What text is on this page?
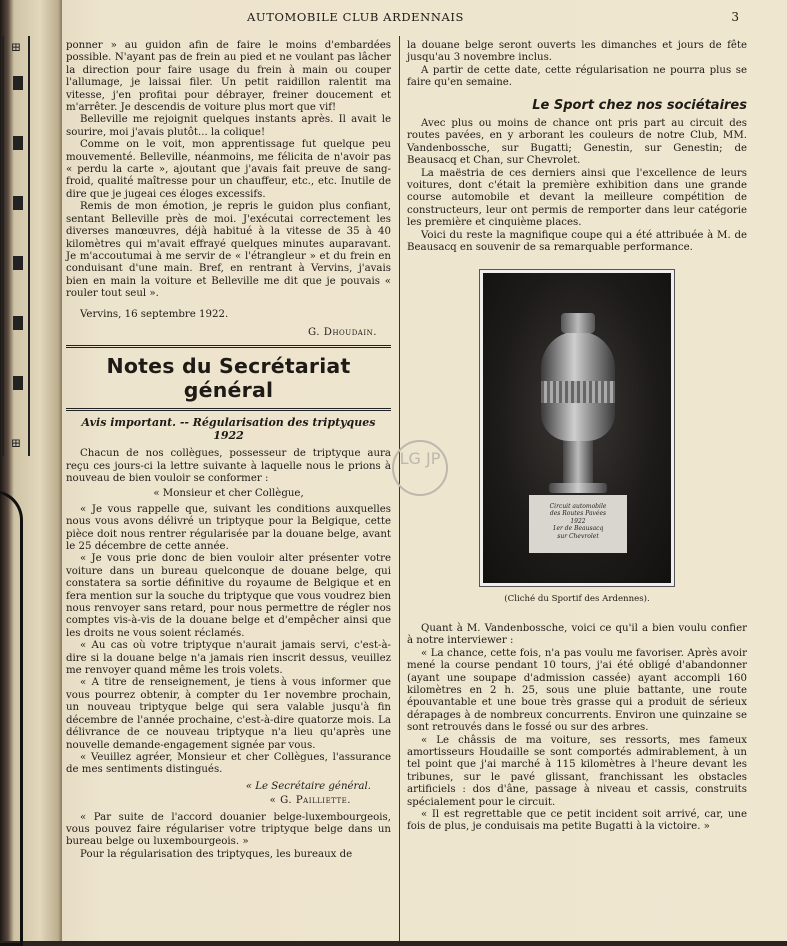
⊞
⊞
AUTOMOBILE CLUB ARDENNAIS	3

ponner » au guidon afin de faire le moins d'embardées possible. N'ayant pas de frein au pied et ne voulant pas lâcher la direction pour faire usage du frein à main ou couper l'allumage, je laissai filer. Un petit raidillon ralentit ma vitesse, j'en profitai pour débrayer, freiner doucement et m'arrêter. Je descendis de voiture plus mort que vif!

Belleville me rejoignit quelques instants après. Il avait le sourire, moi j'avais plutôt... la colique!

Comme on le voit, mon apprentissage fut quelque peu mouvementé. Belleville, néanmoins, me félicita de n'avoir pas « perdu la carte », ajoutant que j'avais fait preuve de sang-froid, qualité maîtresse pour un chauffeur, etc., etc. Inutile de dire que je jugeai ces éloges excessifs.

Remis de mon émotion, je repris le guidon plus confiant, sentant Belleville près de moi. J'exécutai correctement les diverses manœuvres, déjà habitué à la vitesse de 35 à 40 kilomètres qui m'avait effrayé quelques minutes auparavant. Je m'accoutumai à me servir de « l'étrangleur » et du frein en conduisant d'une main. Bref, en rentrant à Vervins, j'avais bien en main la voiture et Belleville me dit que je pouvais « rouler tout seul ».

Vervins, 16 septembre 1922.

G. Dhoudain.

Notes du Secrétariat général
Avis important. -- Régularisation des triptyques 1922

Chacun de nos collègues, possesseur de triptyque aura reçu ces jours-ci la lettre suivante à laquelle nous le prions à nouveau de bien vouloir se conformer :

« Monsieur et cher Collègue,

« Je vous rappelle que, suivant les conditions auxquelles nous vous avons délivré un triptyque pour la Belgique, cette pièce doit nous rentrer régularisée par la douane belge, avant le 25 décembre de cette année.

« Je vous prie donc de bien vouloir alter présenter votre voiture dans un bureau quelconque de douane belge, qui constatera sa sortie définitive du royaume de Belgique et en fera mention sur la souche du triptyque que vous voudrez bien nous renvoyer sans retard, pour nous permettre de régler nos comptes vis-à-vis de la douane belge et d'empêcher ainsi que les droits ne vous soient réclamés.

« Au cas où votre triptyque n'aurait jamais servi, c'est-à-dire si la douane belge n'a jamais rien inscrit dessus, veuillez me renvoyer quand même les trois volets.

« A titre de renseignement, je tiens à vous informer que vous pourrez obtenir, à compter du 1er novembre prochain, un nouveau triptyque belge qui sera valable jusqu'à fin décembre de l'année prochaine, c'est-à-dire quatorze mois. La délivrance de ce nouveau triptyque n'a lieu qu'après une nouvelle demande-engagement signée par vous.

« Veuillez agréer, Monsieur et cher Collègues, l'assurance de mes sentiments distingués.

« Le Secrétaire général.

« G. Pailliette.

« Par suite de l'accord douanier belge-luxembourgeois, vous pouvez faire régulariser votre triptyque belge dans un bureau belge ou luxembourgeois. »

Pour la régularisation des triptyques, les bureaux de

la douane belge seront ouverts les dimanches et jours de fête jusqu'au 3 novembre inclus.

A partir de cette date, cette régularisation ne pourra plus se faire qu'en semaine.

Le Sport chez nos sociétaires

Avec plus ou moins de chance ont pris part au circuit des routes pavées, en y arborant les couleurs de notre Club, MM. Vandenbossche, sur Bugatti; Genestin, sur Genestin; de Beausacq et Chan, sur Chevrolet.

La maëstria de ces derniers ainsi que l'excellence de leurs voitures, dont c'était la première exhibition dans une grande course automobile et devant la meilleure compétition de constructeurs, leur ont permis de remporter dans leur catégorie les première et cinquième places.

Voici du reste la magnifique coupe qui a été attribuée à M. de Beausacq en souvenir de sa remarquable performance.

Circuit automobile
des Routes Pavées
1922
1er de Beausacq
sur Chevrolet
(Cliché du Sportif des Ardennes).

Quant à M. Vandenbossche, voici ce qu'il a bien voulu confier à notre interviewer :

« La chance, cette fois, n'a pas voulu me favoriser. Après avoir mené la course pendant 10 tours, j'ai été obligé d'abandonner (ayant une soupape d'admission cassée) ayant accompli 160 kilomètres en 2 h. 25, sous une pluie battante, une route épouvantable et une boue très grasse qui a produit de sérieux dérapages à de nombreux concurrents. Environ une quinzaine se sont retrouvés dans le fossé ou sur des arbres.

« Le châssis de ma voiture, ses ressorts, mes fameux amortisseurs Houdaille se sont comportés admirablement, à un tel point que j'ai marché à 115 kilomètres à l'heure devant les tribunes, sur le pavé glissant, franchissant les obstacles artificiels : dos d'âne, passage à niveau et cassis, construits spécialement pour le circuit.

« Il est regrettable que ce petit incident soit arrivé, car, une fois de plus, je conduisais ma petite Bugatti à la victoire. »

LG JP
